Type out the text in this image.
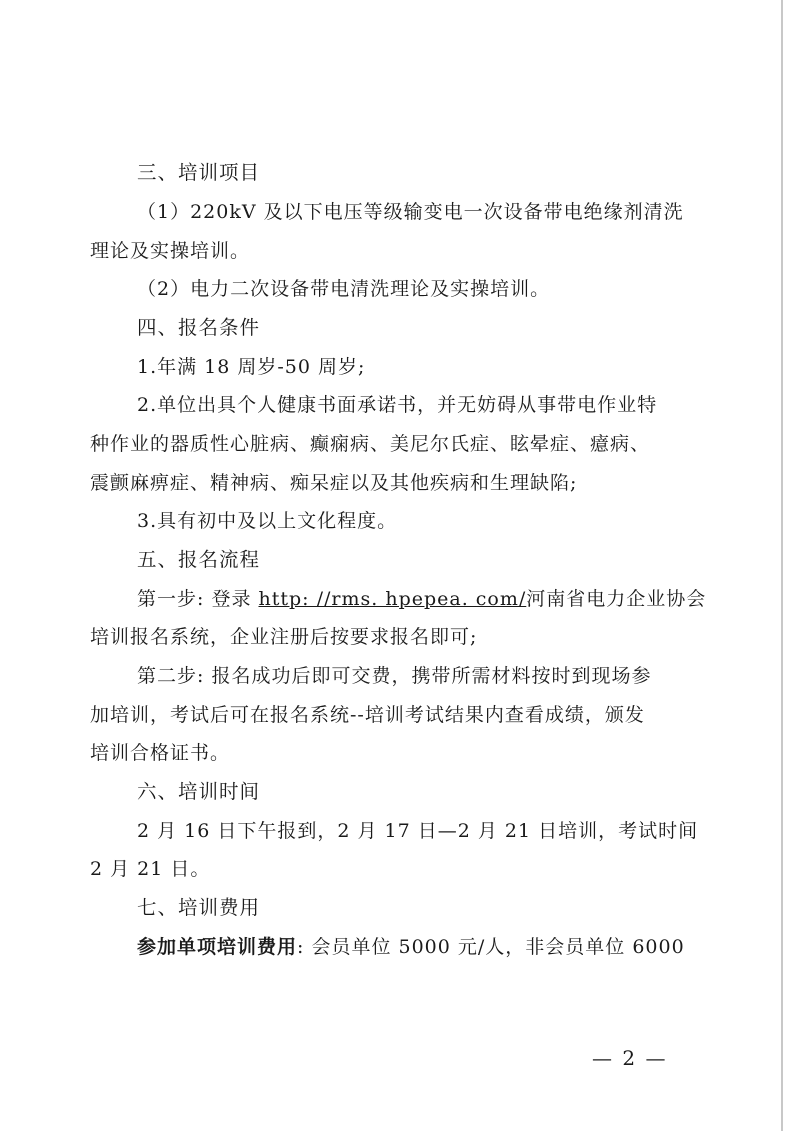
三、培训项目
（1）220kV 及以下电压等级输变电一次设备带电绝缘剂清洗
理论及实操培训。
（2）电力二次设备带电清洗理论及实操培训。
四、报名条件
1.年满 18 周岁-50 周岁;
2.单位出具个人健康书面承诺书，并无妨碍从事带电作业特
种作业的器质性心脏病、癫痫病、美尼尔氏症、眩晕症、癔病、
震颤麻痹症、精神病、痴呆症以及其他疾病和生理缺陷;
3.具有初中及以上文化程度。
五、报名流程
第一步: 登录 http: //rms. hpepea. com/河南省电力企业协会
培训报名系统，企业注册后按要求报名即可;
第二步: 报名成功后即可交费，携带所需材料按时到现场参
加培训，考试后可在报名系统--培训考试结果内查看成绩，颁发
培训合格证书。
六、培训时间
2 月 16 日下午报到，2 月 17 日—2 月 21 日培训，考试时间
2 月 21 日。
七、培训费用
参加单项培训费用: 会员单位 5000 元/人，非会员单位 6000
— 2 —
